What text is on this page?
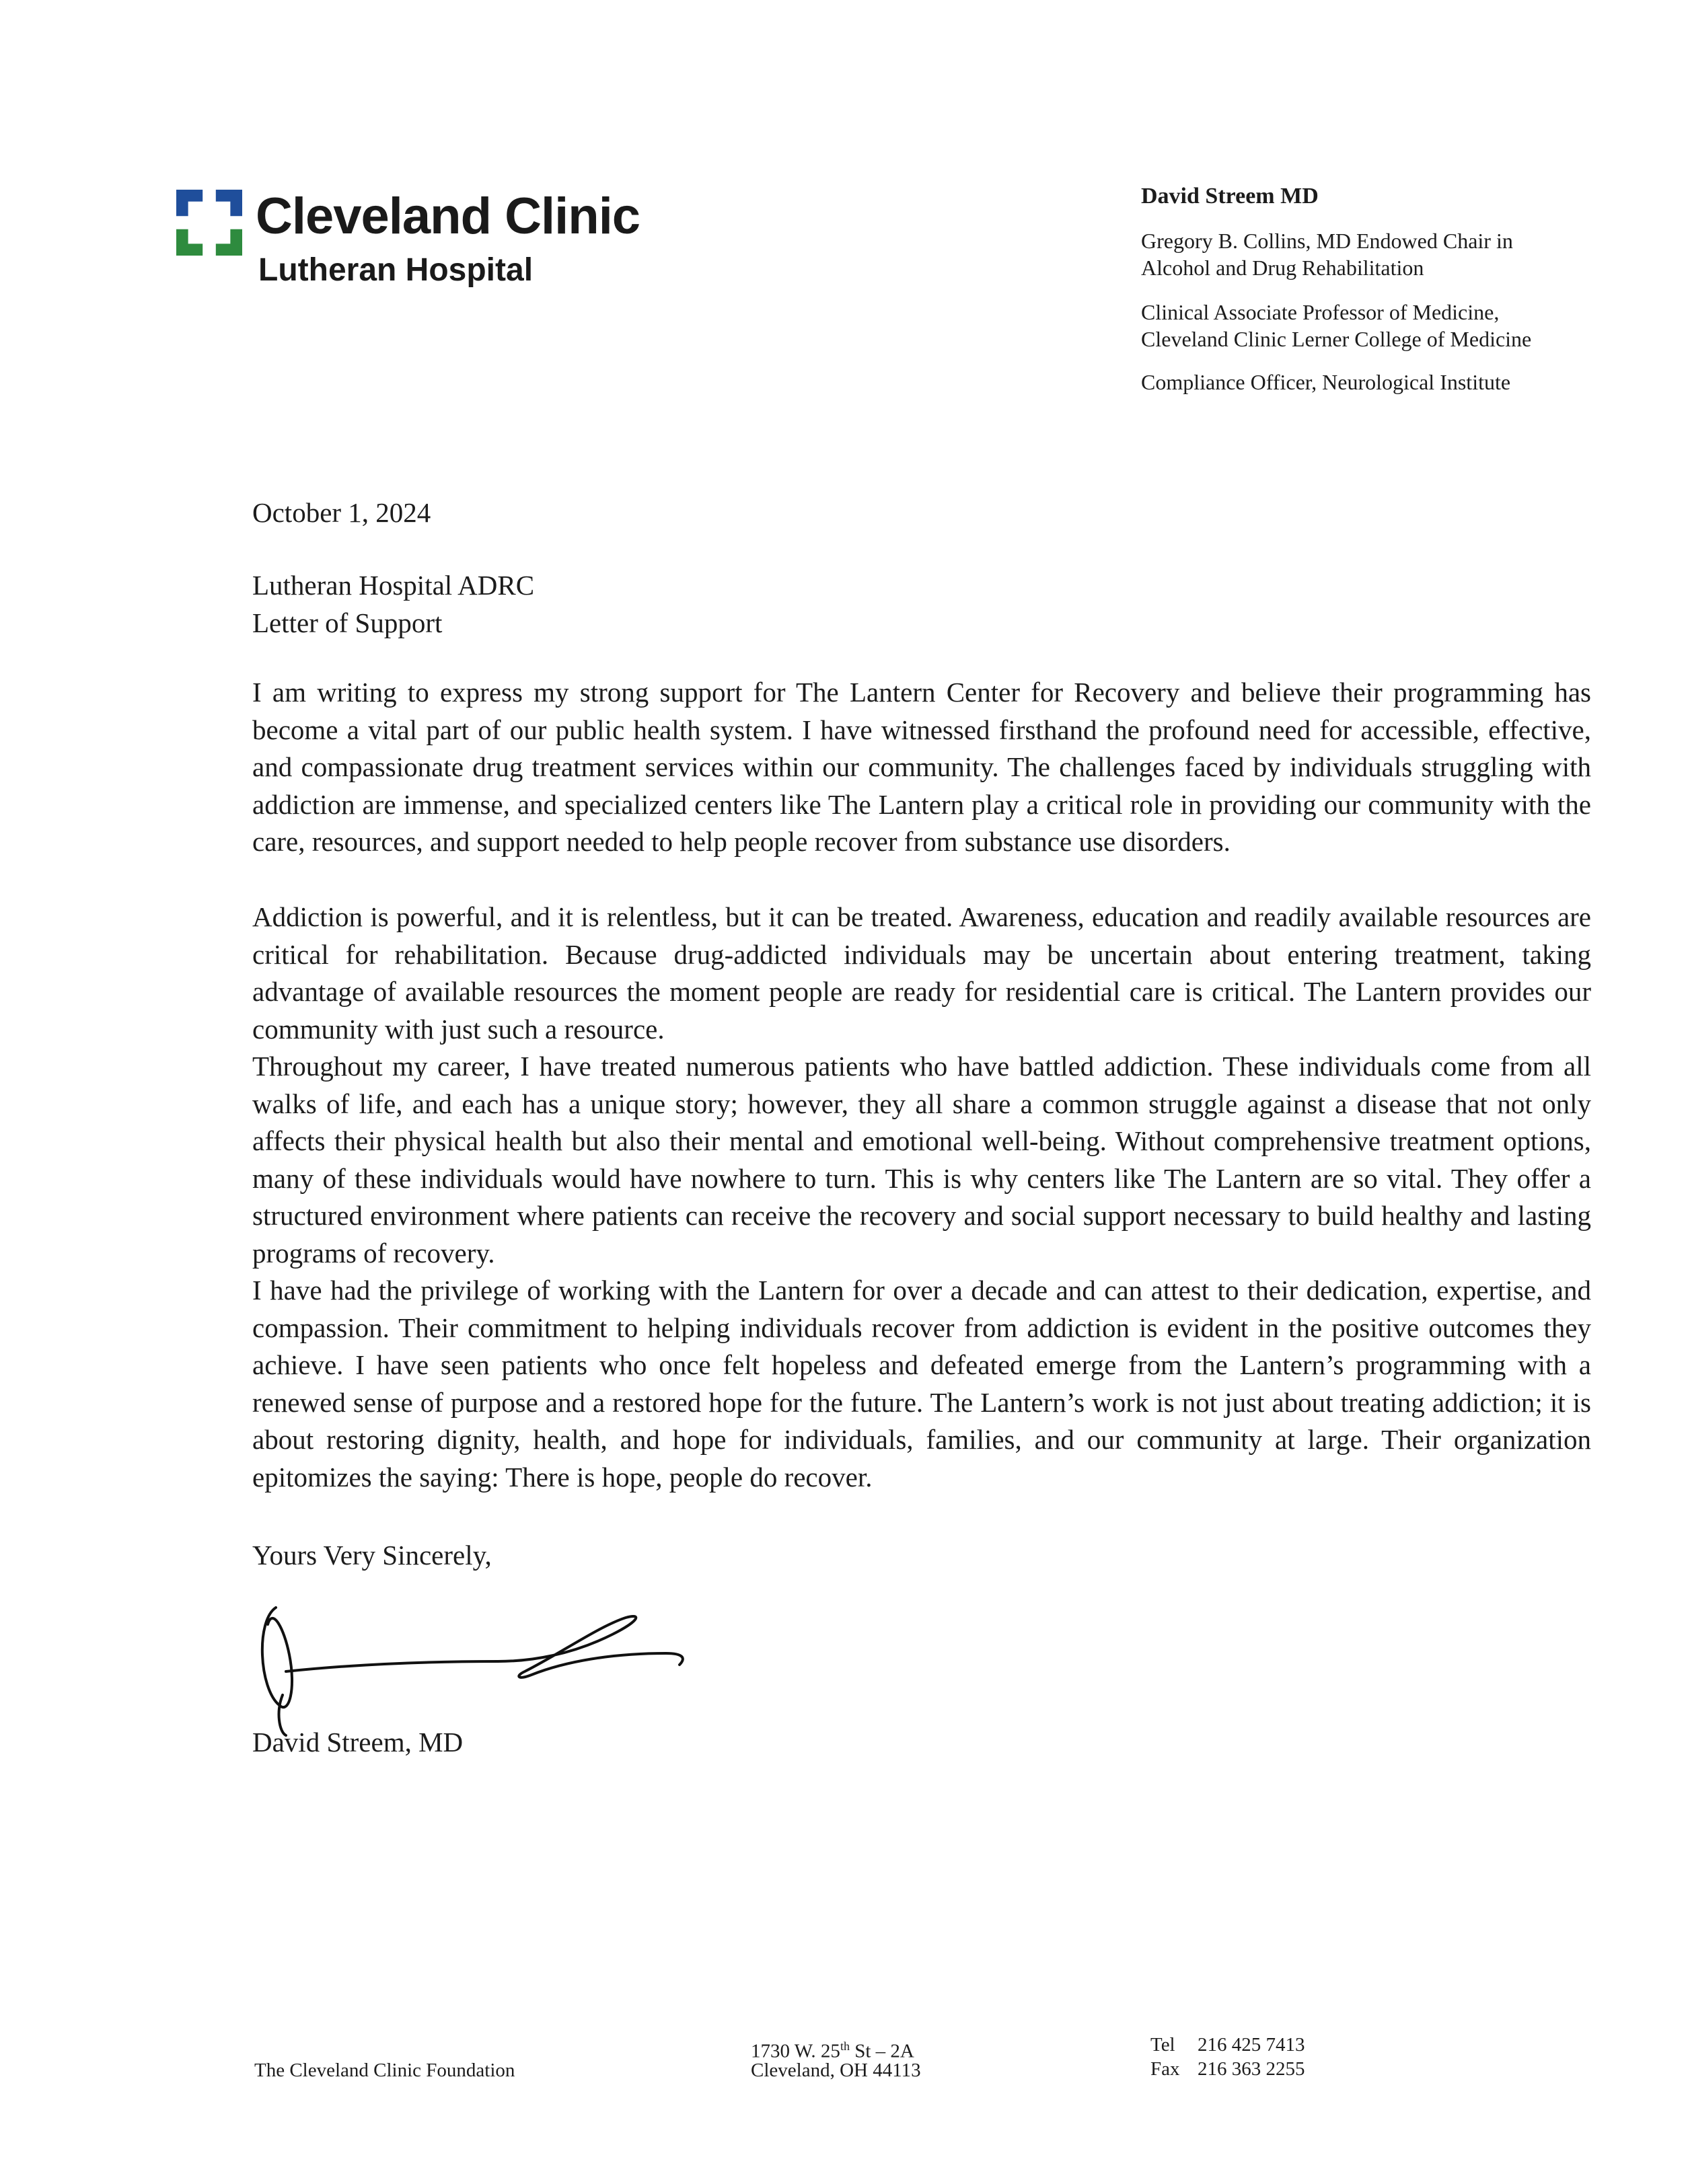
Cleveland Clinic
Lutheran Hospital
David Streem MD
Gregory B. Collins, MD Endowed Chair in
Alcohol and Drug Rehabilitation
Clinical Associate Professor of Medicine,
Cleveland Clinic Lerner College of Medicine
Compliance Officer, Neurological Institute
October 1, 2024
Lutheran Hospital ADRC
Letter of Support

I am writing to express my strong support for The Lantern Center for Recovery and believe their programming has become a vital part of our public health system. I have witnessed firsthand the profound need for accessible, effective, and compassionate drug treatment services within our community. The challenges faced by individuals struggling with addiction are immense, and specialized centers like The Lantern play a critical role in providing our community with the care, resources, and support needed to help people recover from substance use disorders.

Addiction is powerful, and it is relentless, but it can be treated. Awareness, education and readily available resources are critical for rehabilitation. Because drug-addicted individuals may be uncertain about entering treatment, taking advantage of available resources the moment people are ready for residential care is critical. The Lantern provides our community with just such a resource.

Throughout my career, I have treated numerous patients who have battled addiction. These individuals come from all walks of life, and each has a unique story; however, they all share a common struggle against a disease that not only affects their physical health but also their mental and emotional well-being. Without comprehensive treatment options, many of these individuals would have nowhere to turn. This is why centers like The Lantern are so vital. They offer a structured environment where patients can receive the recovery and social support necessary to build healthy and lasting programs of recovery.

I have had the privilege of working with the Lantern for over a decade and can attest to their dedication, expertise, and compassion. Their commitment to helping individuals recover from addiction is evident in the positive outcomes they achieve. I have seen patients who once felt hopeless and defeated emerge from the Lantern’s programming with a renewed sense of purpose and a restored hope for the future. The Lantern’s work is not just about treating addiction; it is about restoring dignity, health, and hope for individuals, families, and our community at large. Their organization epitomizes the saying: There is hope, people do recover.

Yours Very Sincerely,
David Streem, MD
The Cleveland Clinic Foundation
1730 W. 25th St – 2A
Cleveland, OH 44113
Tel 216 425 7413
Fax 216 363 2255
